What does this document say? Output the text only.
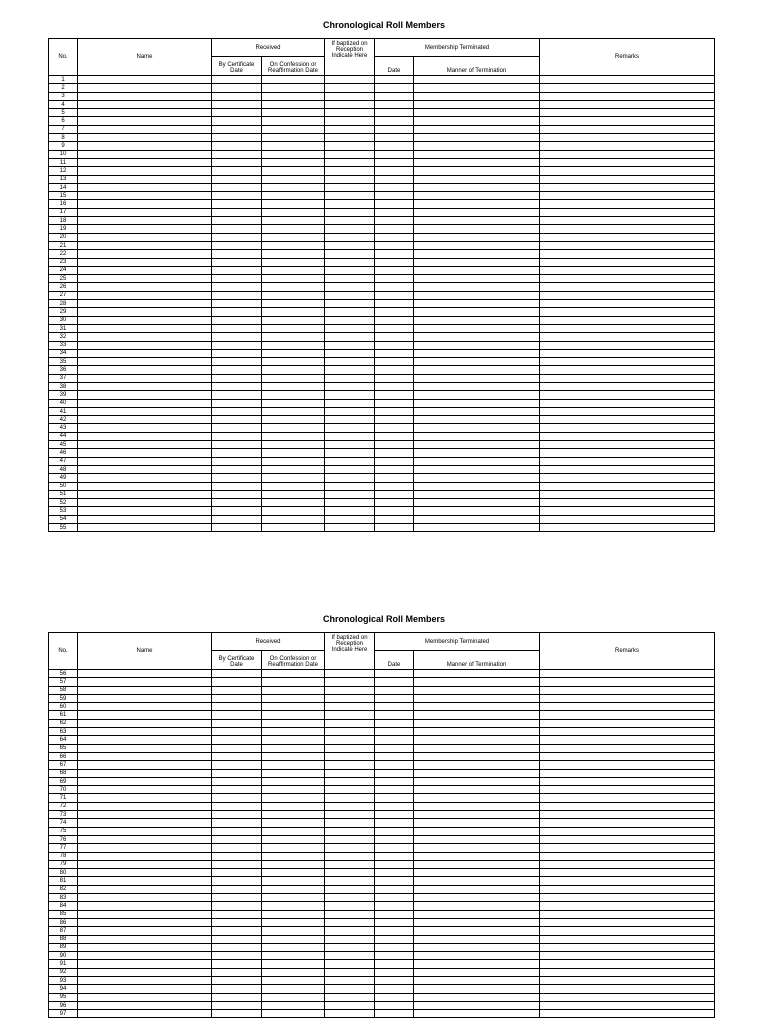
Chronological Roll Members
No.	Name	Received		If baptized on Reception Indicate Here	Membership Terminated		Remarks
		By Certificate Date	On Confession or Reaffirmation Date		Date	Manner of Termination	
1							
2							
3							
4							
5							
6							
7							
8							
9							
10							
11							
12							
13							
14							
15							
16							
17							
18							
19							
20							
21							
22							
23							
24							
25							
26							
27							
28							
29							
30							
31							
32							
33							
34							
35							
36							
37							
38							
39							
40							
41							
42							
43							
44							
45							
46							
47							
48							
49							
50							
51							
52							
53							
54							
55							
Chronological Roll Members
No.	Name	Received		If baptized on Reception Indicate Here	Membership Terminated		Remarks
		By Certificate Date	On Confession or Reaffirmation Date		Date	Manner of Termination	
56							
57							
58							
59							
60							
61							
62							
63							
64							
65							
66							
67							
68							
69							
70							
71							
72							
73							
74							
75							
76							
77							
78							
79							
80							
81							
82							
83							
84							
85							
86							
87							
88							
89							
90							
91							
92							
93							
94							
95							
96							
97							
